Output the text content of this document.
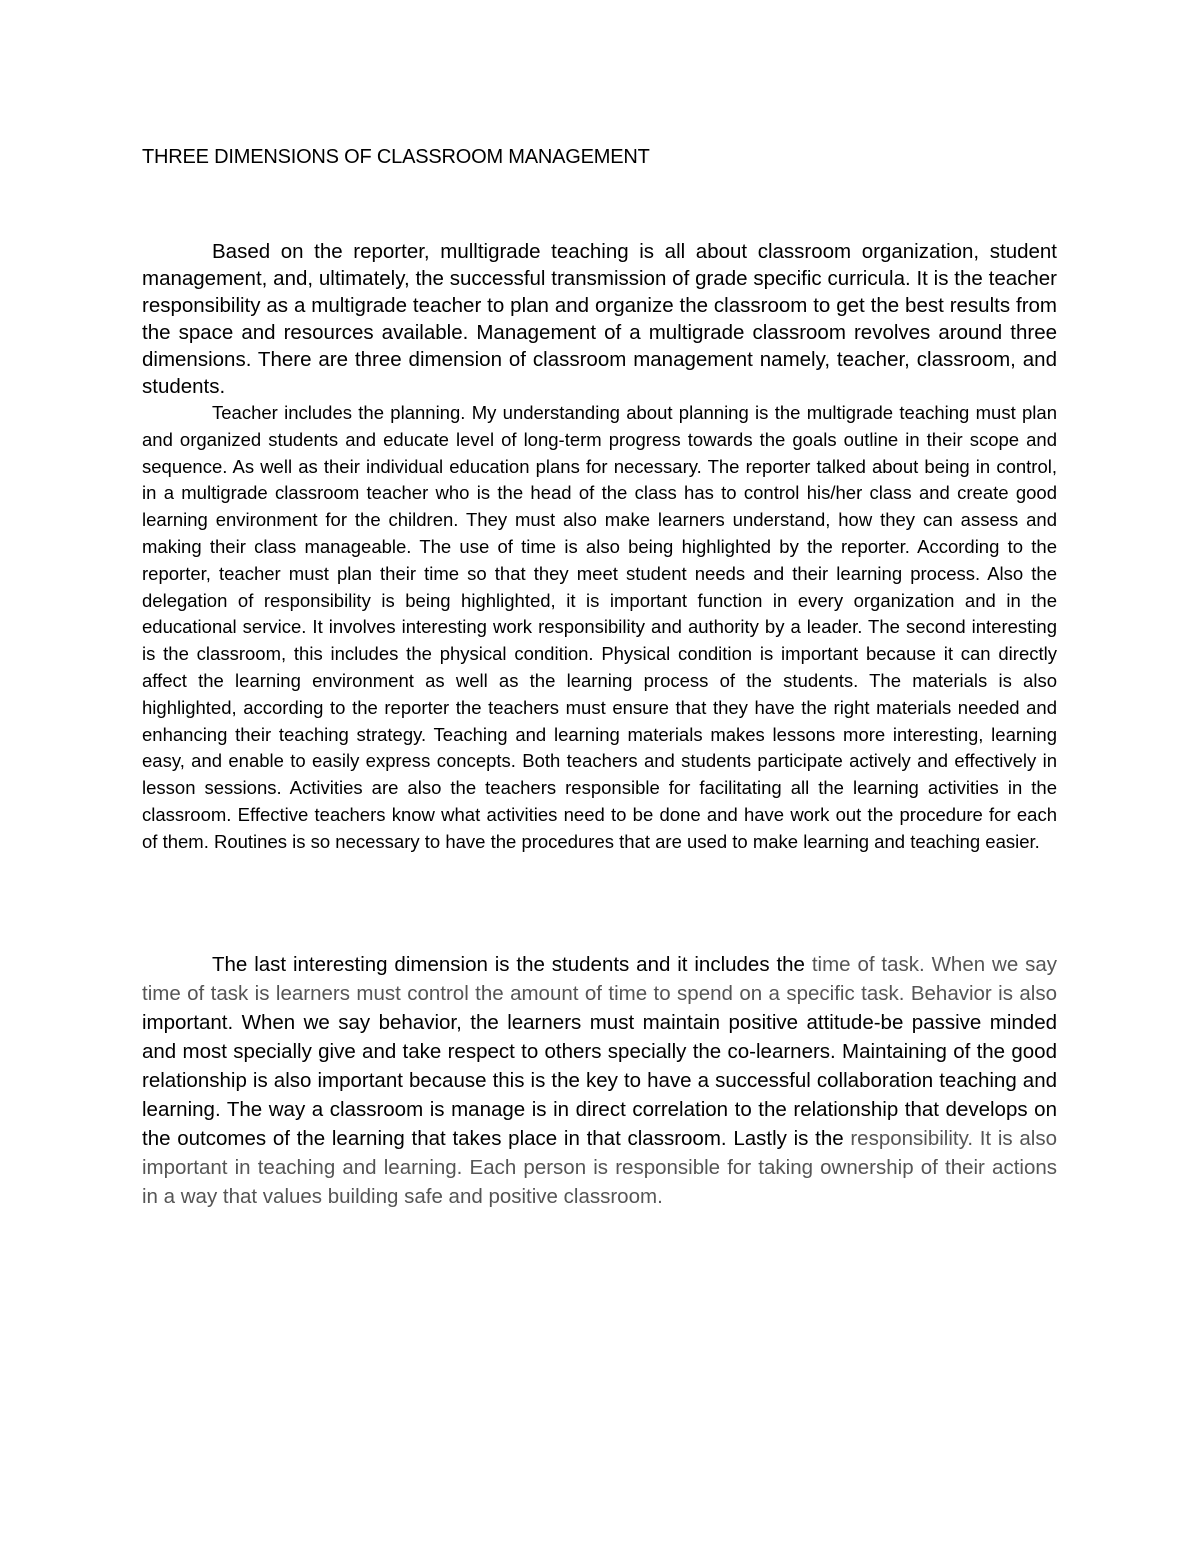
THREE DIMENSIONS OF CLASSROOM MANAGEMENT

Based on the reporter, mulltigrade teaching is all about classroom organization, student management, and, ultimately, the successful transmission of grade specific curricula. It is the teacher responsibility as a multigrade teacher to plan and organize the classroom to get the best results from the space and resources available. Management of a multigrade classroom revolves around three dimensions. There are three dimension of classroom management namely, teacher, classroom, and students.

Teacher includes the planning. My understanding about planning is the multigrade teaching must plan and organized students and educate level of long-term progress towards the goals outline in their scope and sequence. As well as their individual education plans for necessary. The reporter talked about being in control, in a multigrade classroom teacher who is the head of the class has to control his/her class and create good learning environment for the children. They must also make learners understand, how they can assess and making their class manageable. The use of time is also being highlighted by the reporter. According to the reporter, teacher must plan their time so that they meet student needs and their learning process. Also the delegation of responsibility is being highlighted, it is important function in every organization and in the educational service. It involves interesting work responsibility and authority by a leader. The second interesting is the classroom, this includes the physical condition. Physical condition is important because it can directly affect the learning environment as well as the learning process of the students. The materials is also highlighted, according to the reporter the teachers must ensure that they have the right materials needed and enhancing their teaching strategy. Teaching and learning materials makes lessons more interesting, learning easy, and enable to easily express concepts. Both teachers and students participate actively and effectively in lesson sessions. Activities are also the teachers responsible for facilitating all the learning activities in the classroom. Effective teachers know what activities need to be done and have work out the procedure for each of them. Routines is so necessary to have the procedures that are used to make learning and teaching easier.

The last interesting dimension is the students and it includes the time of task. When we say time of task is learners must control the amount of time to spend on a specific task. Behavior is also important. When we say behavior, the learners must maintain positive attitude-be passive minded and most specially give and take respect to others specially the co-learners. Maintaining of the good relationship is also important because this is the key to have a successful collaboration teaching and learning. The way a classroom is manage is in direct correlation to the relationship that develops on the outcomes of the learning that takes place in that classroom. Lastly is the responsibility. It is also important in teaching and learning. Each person is responsible for taking ownership of their actions in a way that values building safe and positive classroom.
